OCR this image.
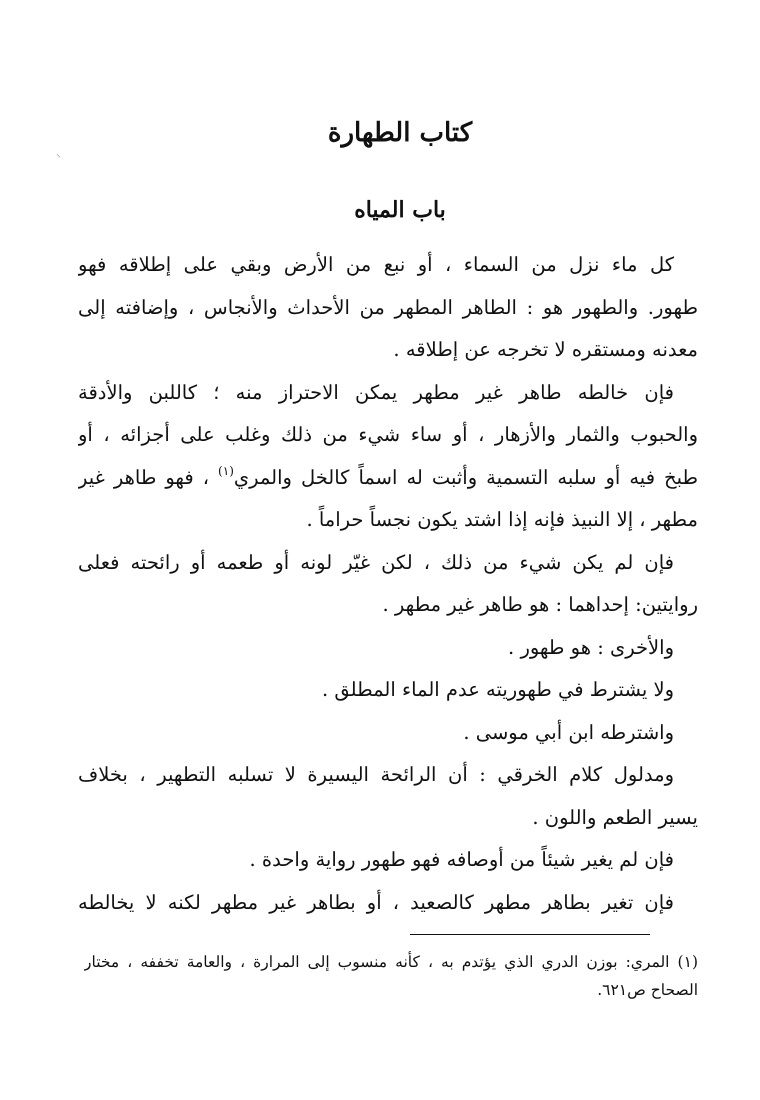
⸍
كتاب الطهارة
باب المياه
كل ماء نزل من السماء ، أو نبع من الأرض وبقي على إطلاقه فهو
طهور. والطهور هو : الطاهر المطهر من الأحداث والأنجاس ، وإضافته إلى
معدنه ومستقره لا تخرجه عن إطلاقه .
فإن خالطه طاهر غير مطهر يمكن الاحتراز منه ؛ كاللبن والأدقة
والحبوب والثمار والأزهار ، أو ساء شيء من ذلك وغلب على أجزائه ، أو
طبخ فيه أو سلبه التسمية وأثبت له اسماً كالخل والمري$^{(١)}$ ، فهو طاهر غير
مطهر ، إلا النبيذ فإنه إذا اشتد يكون نجساً حراماً .
فإن لم يكن شيء من ذلك ، لكن غيّر لونه أو طعمه أو رائحته فعلى
روايتين: إحداهما : هو طاهر غير مطهر .
والأخرى : هو طهور .
ولا يشترط في طهوريته عدم الماء المطلق .
واشترطه ابن أبي موسى .
ومدلول كلام الخرقي : أن الرائحة اليسيرة لا تسلبه التطهير ، بخلاف
يسير الطعم واللون .
فإن لم يغير شيئاً من أوصافه فهو طهور رواية واحدة .
فإن تغير بطاهر مطهر كالصعيد ، أو بطاهر غير مطهر لكنه لا يخالطه
(١) المري: بوزن الدري الذي يؤتدم به ، كأنه منسوب إلى المرارة ، والعامة تخففه ، مختار
الصحاح ص٦٢١.
